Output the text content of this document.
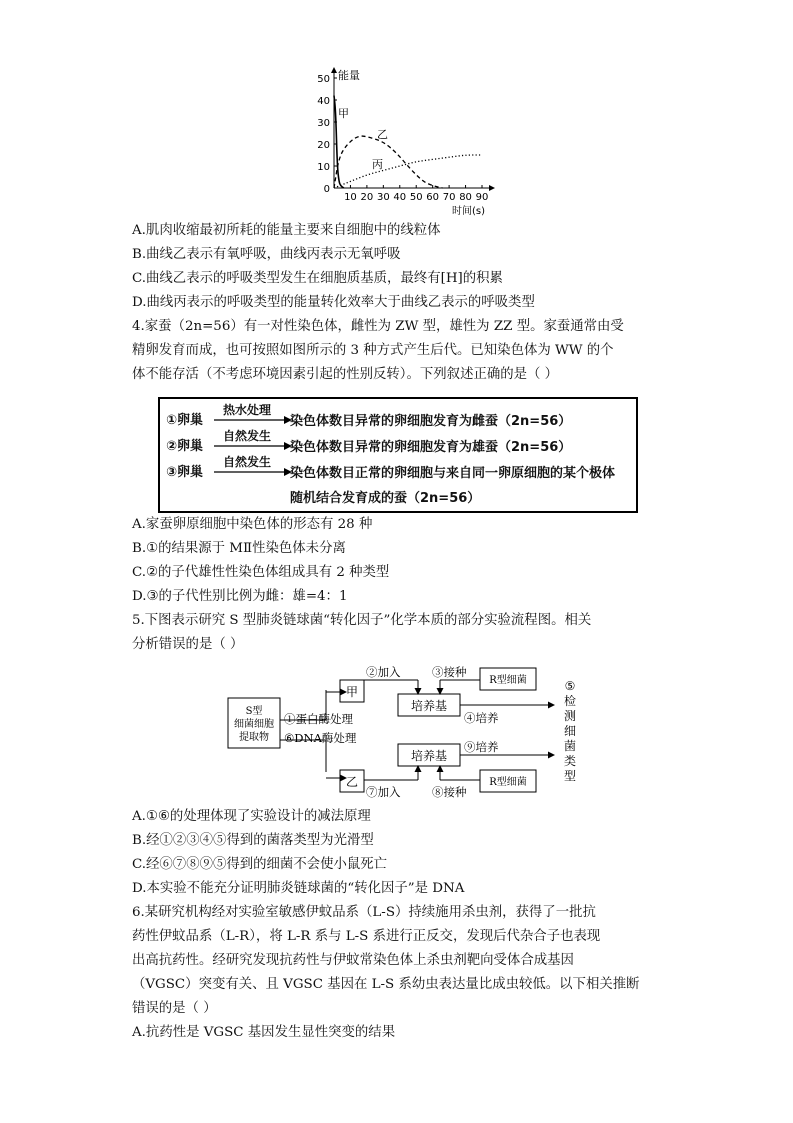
能量
时间(s)
0
10
20
30
40
50
10 20 30 40 50 60 70 80 90
甲
乙
丙
A.肌肉收缩最初所耗的能量主要来自细胞中的线粒体
B.曲线乙表示有氧呼吸，曲线丙表示无氧呼吸
C.曲线乙表示的呼吸类型发生在细胞质基质，最终有[H]的积累
D.曲线丙表示的呼吸类型的能量转化效率大于曲线乙表示的呼吸类型
4.家蚕（2n=56）有一对性染色体，雌性为 ZW 型，雄性为 ZZ 型。家蚕通常由受
精卵发育而成，也可按照如图所示的 3 种方式产生后代。已知染色体为 WW 的个
体不能存活（不考虑环境因素引起的性别反转）。下列叙述正确的是（ ）
①卵巢
热水处理
染色体数目异常的卵细胞发育为雌蚕（2n=56）
②卵巢
自然发生
染色体数目异常的卵细胞发育为雄蚕（2n=56）
③卵巢
自然发生
染色体数目正常的卵细胞与来自同一卵原细胞的某个极体
随机结合发育成的蚕（2n=56）
A.家蚕卵原细胞中染色体的形态有 28 种
B.①的结果源于 MⅡ性染色体未分离
C.②的子代雄性性染色体组成具有 2 种类型
D.③的子代性别比例为雌：雄=4：1
5.下图表示研究 S 型肺炎链球菌“转化因子”化学本质的部分实验流程图。相关
分析错误的是（ ）
S型
细菌细胞
提取物
①蛋白酶处理
⑥DNA酶处理
甲
乙
②加入
培养基
R型细菌
③接种
④培养
⑦加入
培养基
R型细菌
⑧接种
⑨培养
⑤
检
测
细
菌
类
型
A.①⑥的处理体现了实验设计的减法原理
B.经①②③④⑤得到的菌落类型为光滑型
C.经⑥⑦⑧⑨⑤得到的细菌不会使小鼠死亡
D.本实验不能充分证明肺炎链球菌的“转化因子”是 DNA
6.某研究机构经对实验室敏感伊蚊品系（L-S）持续施用杀虫剂，获得了一批抗
药性伊蚊品系（L-R），将 L-R 系与 L-S 系进行正反交，发现后代杂合子也表现
出高抗药性。经研究发现抗药性与伊蚊常染色体上杀虫剂靶向受体合成基因
（VGSC）突变有关、且 VGSC 基因在 L-S 系幼虫表达量比成虫较低。以下相关推断
错误的是（ ）
A.抗药性是 VGSC 基因发生显性突变的结果
